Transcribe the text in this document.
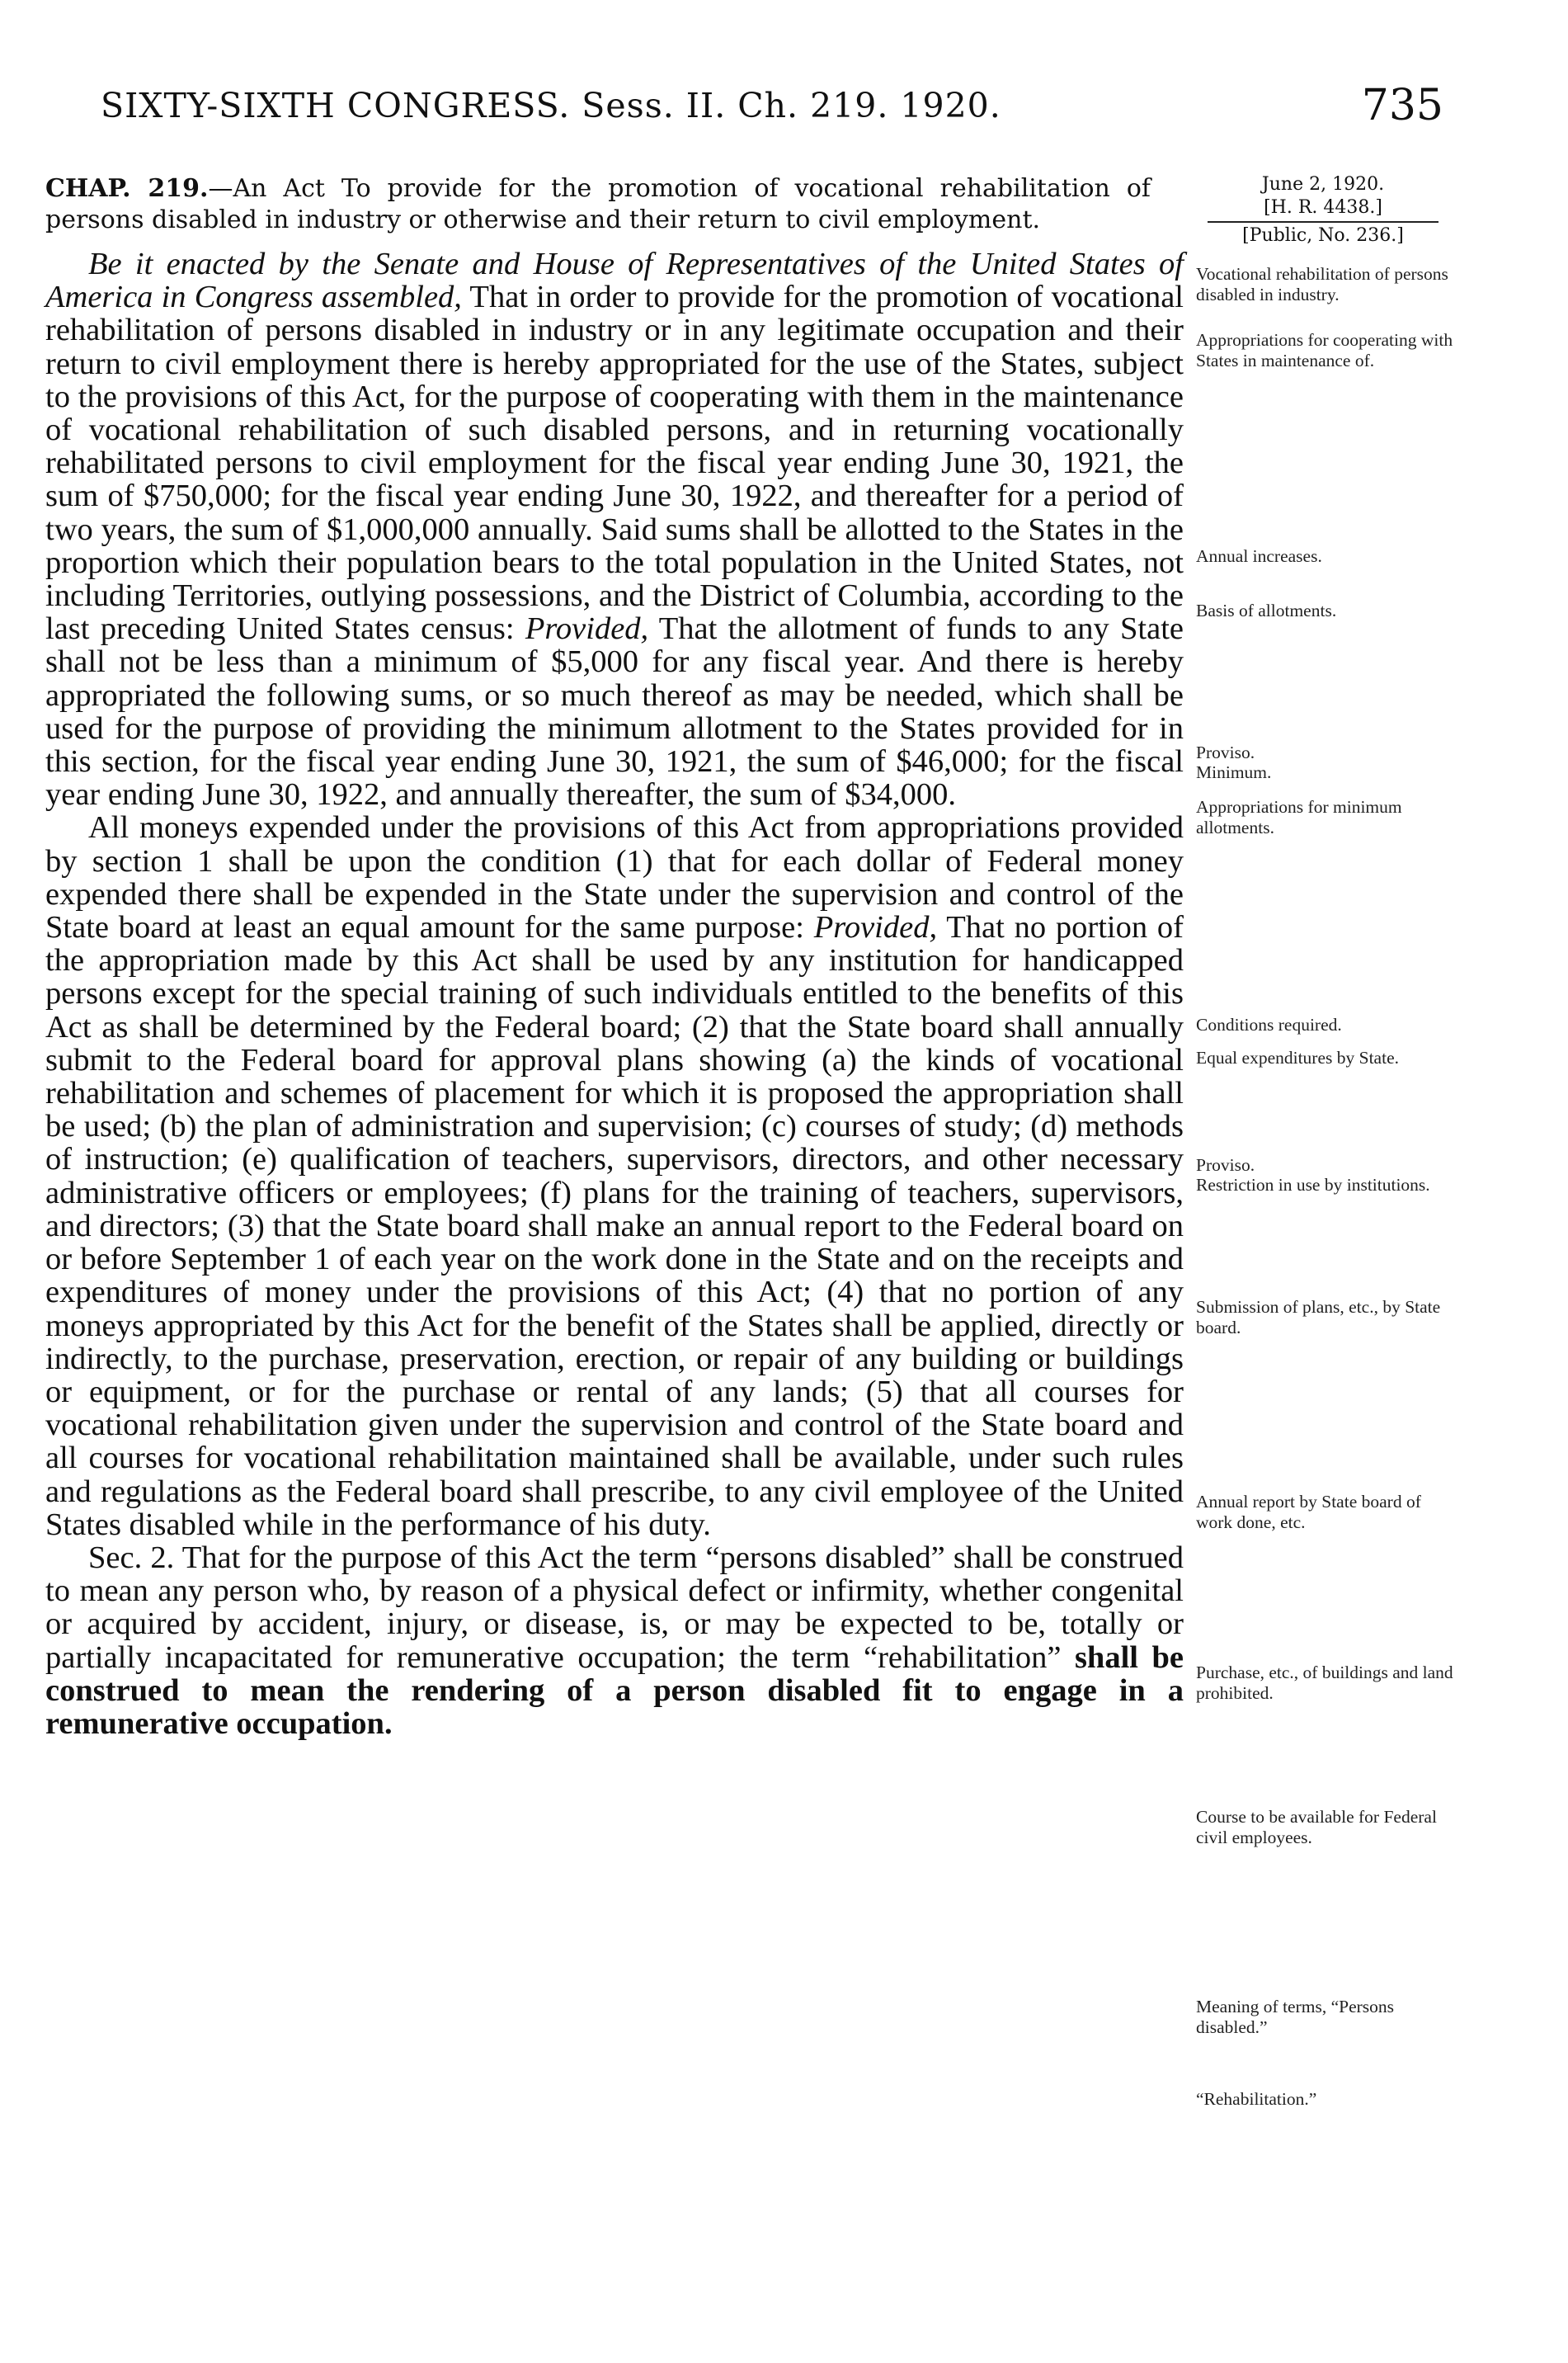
SIXTY-SIXTH CONGRESS. Sess. II. Ch. 219. 1920.	735
CHAP. 219.—An Act To provide for the promotion of vocational rehabilitation of persons disabled in industry or otherwise and their return to civil employment.
June 2, 1920.
[H. R. 4438.]
[Public, No. 236.]

Be it enacted by the Senate and House of Representatives of the United States of America in Congress assembled, That in order to provide for the promotion of vocational rehabilitation of persons disabled in industry or in any legitimate occupation and their return to civil employment there is hereby appropriated for the use of the States, subject to the provisions of this Act, for the purpose of cooperating with them in the maintenance of vocational rehabilitation of such disabled persons, and in returning vocationally rehabilitated persons to civil employment for the fiscal year ending June 30, 1921, the sum of $750,000; for the fiscal year ending June 30, 1922, and thereafter for a period of two years, the sum of $1,000,000 annually. Said sums shall be allotted to the States in the proportion which their population bears to the total population in the United States, not including Territories, outlying possessions, and the District of Columbia, according to the last preceding United States census: Provided, That the allotment of funds to any State shall not be less than a minimum of $5,000 for any fiscal year. And there is hereby appropriated the following sums, or so much thereof as may be needed, which shall be used for the purpose of providing the minimum allotment to the States provided for in this section, for the fiscal year ending June 30, 1921, the sum of $46,000; for the fiscal year ending June 30, 1922, and annually thereafter, the sum of $34,000.

All moneys expended under the provisions of this Act from appropriations provided by section 1 shall be upon the condition (1) that for each dollar of Federal money expended there shall be expended in the State under the supervision and control of the State board at least an equal amount for the same purpose: Provided, That no portion of the appropriation made by this Act shall be used by any institution for handicapped persons except for the special training of such individuals entitled to the benefits of this Act as shall be determined by the Federal board; (2) that the State board shall annually submit to the Federal board for approval plans showing (a) the kinds of vocational rehabilitation and schemes of placement for which it is proposed the appropriation shall be used; (b) the plan of administration and supervision; (c) courses of study; (d) methods of instruction; (e) qualification of teachers, supervisors, directors, and other necessary administrative officers or employees; (f) plans for the training of teachers, supervisors, and directors; (3) that the State board shall make an annual report to the Federal board on or before September 1 of each year on the work done in the State and on the receipts and expenditures of money under the provisions of this Act; (4) that no portion of any moneys appropriated by this Act for the benefit of the States shall be applied, directly or indirectly, to the purchase, preservation, erection, or repair of any building or buildings or equipment, or for the purchase or rental of any lands; (5) that all courses for vocational rehabilitation given under the supervision and control of the State board and all courses for vocational rehabilitation maintained shall be available, under such rules and regulations as the Federal board shall prescribe, to any civil employee of the United States disabled while in the performance of his duty.

Sec. 2. That for the purpose of this Act the term “persons disabled” shall be construed to mean any person who, by reason of a physical defect or infirmity, whether congenital or acquired by accident, injury, or disease, is, or may be expected to be, totally or partially incapacitated for remunerative occupation; the term “rehabilitation” shall be construed to mean the rendering of a person disabled fit to engage in a remunerative occupation.

Vocational rehabilitation of persons disabled in industry.
Appropriations for cooperating with States in maintenance of.
Annual increases.
Basis of allotments.
Proviso.
Minimum.
Appropriations for minimum allotments.
Conditions required.
Equal expenditures by State.
Proviso.
Restriction in use by institutions.
Submission of plans, etc., by State board.
Annual report by State board of work done, etc.
Purchase, etc., of buildings and land prohibited.
Course to be available for Federal civil employees.
Meaning of terms, “Persons disabled.”
“Rehabilitation.”
